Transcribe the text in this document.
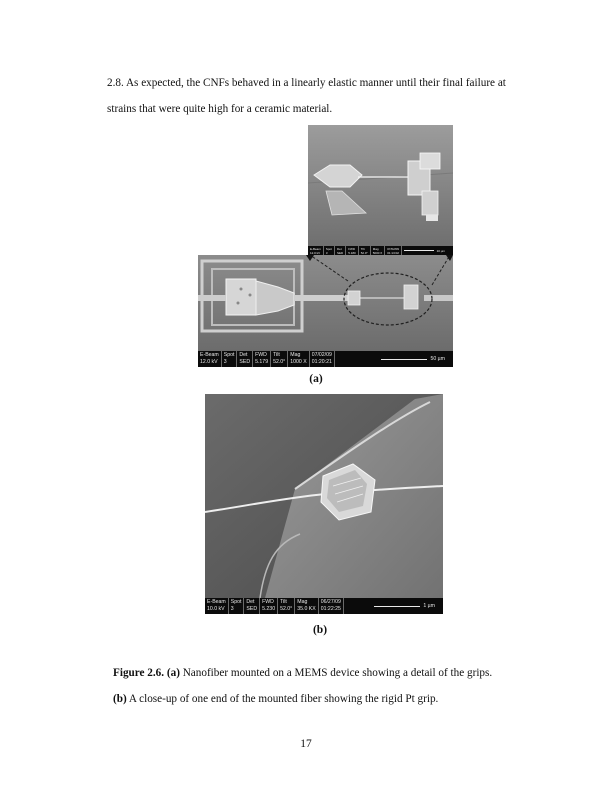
2.8. As expected, the CNFs behaved in a linearly elastic manner until their final failure at
strains that were quite high for a ceramic material.

E-Beam
12.0 kV
Spot
3
Det
SED
FWD
5.180
Tilt
52.0°
Mag
5000 X
07/02/09
01:13:02	10 µm
E-Beam
12.0 kV
Spot
3
Det
SED
FWD
5.179
Tilt
52.0°
Mag
1000 X
07/02/09
01:20:21
50 µm
(a)
E-Beam
10.0 kV
Spot
3
Det
SED
FWD
5.230
Tilt
52.0°
Mag
35.0 KX
06/27/09
01:22:25
1 µm
(b)

Figure 2.6. (a) Nanofiber mounted on a MEMS device showing a detail of the grips.
(b) A close-up of one end of the mounted fiber showing the rigid Pt grip.

17
